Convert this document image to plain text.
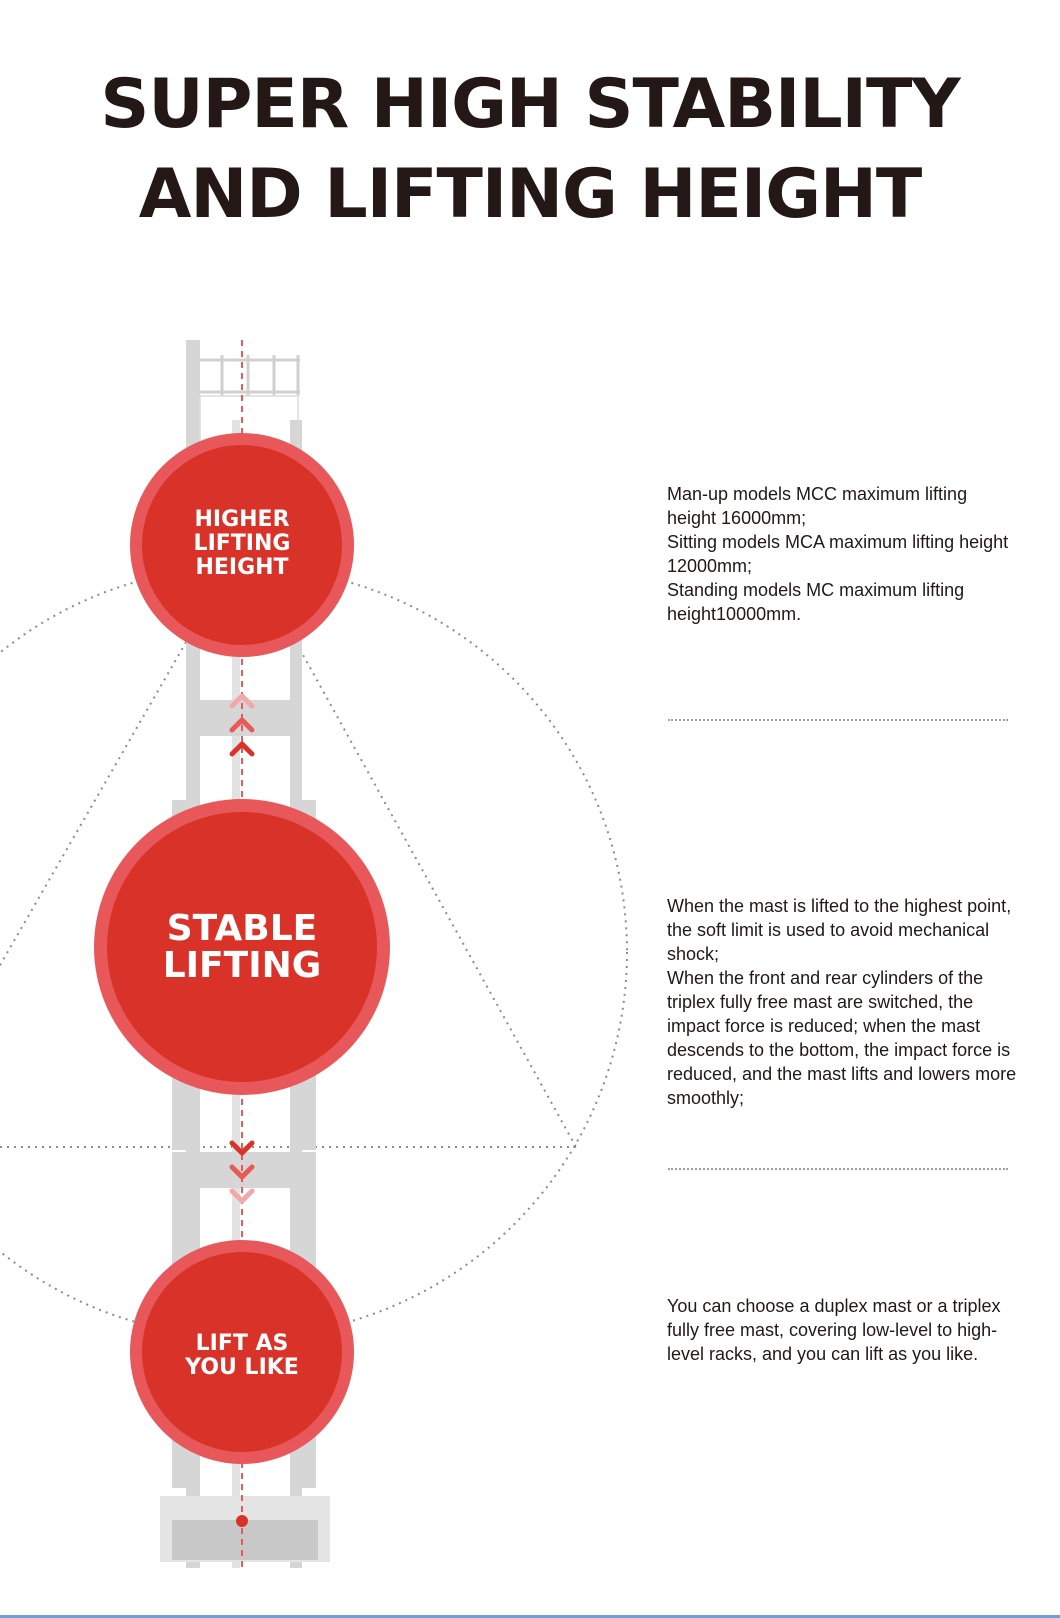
SUPER HIGH STABILITY
AND LIFTING HEIGHT
HIGHER
LIFTING
HEIGHT
STABLE
LIFTING
LIFT AS
YOU LIKE
Man-up models MCC maximum lifting height 16000mm;
Sitting models MCA maximum lifting height 12000mm;
Standing models MC maximum lifting height10000mm.
When the mast is lifted to the highest point, the soft limit is used to avoid mechanical shock;
When the front and rear cylinders of the triplex fully free mast are switched, the impact force is reduced; when the mast descends to the bottom, the impact force is reduced, and the mast lifts and lowers more smoothly;
You can choose a duplex mast or a triplex fully free mast, covering low-level to high-level racks, and you can lift as you like.
